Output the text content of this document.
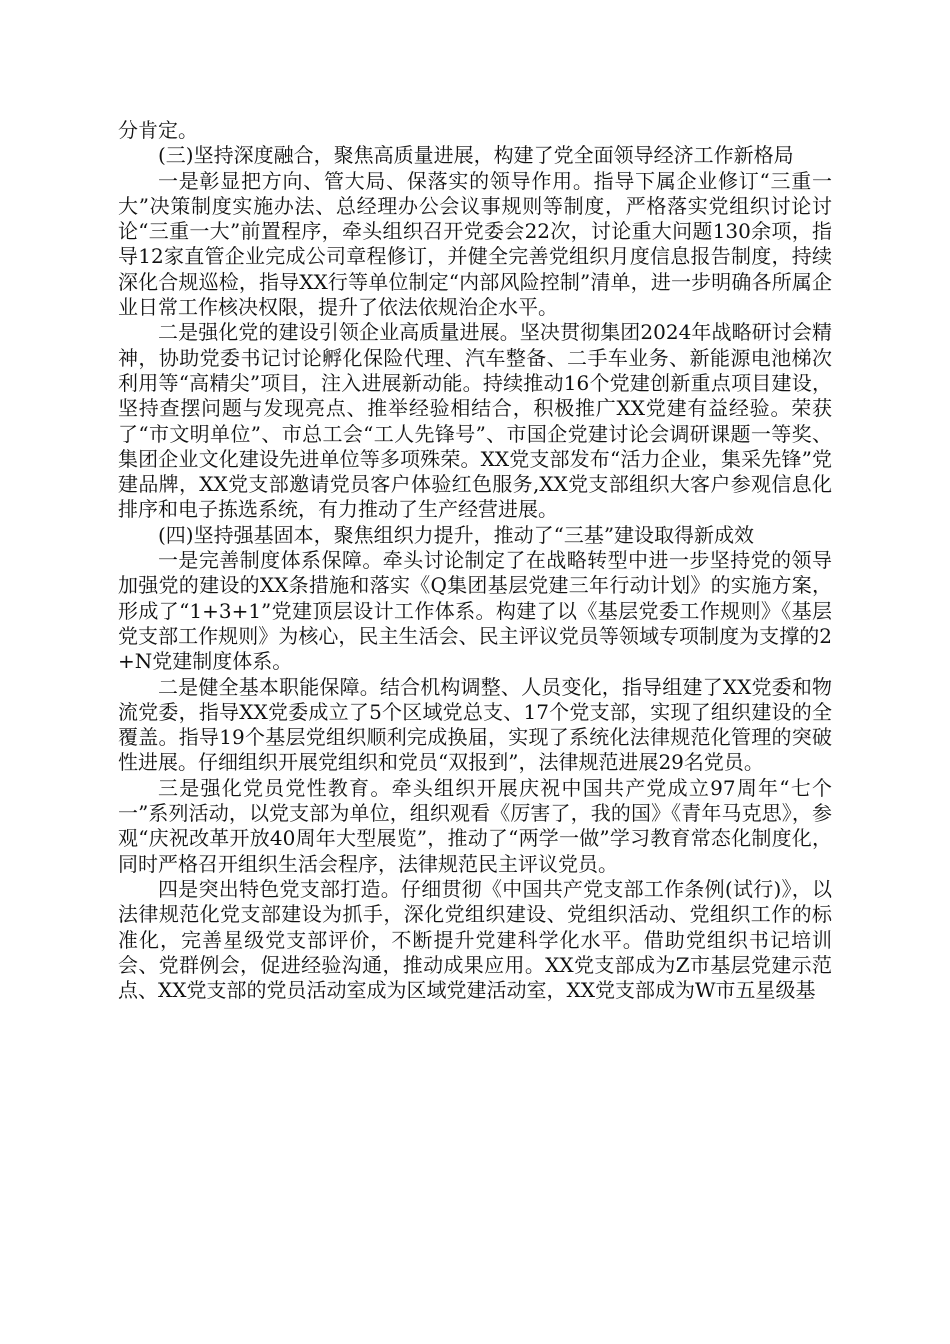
分肯定。

(三)坚持深度融合，聚焦高质量进展，构建了党全面领导经济工作新格局

一是彰显把方向、管大局、保落实的领导作用。指导下属企业修订“三重一大”决策制度实施办法、总经理办公会议事规则等制度，严格落实党组织讨论讨论“三重一大”前置程序，牵头组织召开党委会22次，讨论重大问题130余项，指导12家直管企业完成公司章程修订，并健全完善党组织月度信息报告制度，持续深化合规巡检，指导XX行等单位制定“内部风险控制”清单，进一步明确各所属企业日常工作核决权限，提升了依法依规治企水平。

二是强化党的建设引领企业高质量进展。坚决贯彻集团2024年战略研讨会精神，协助党委书记讨论孵化保险代理、汽车整备、二手车业务、新能源电池梯次利用等“高精尖”项目，注入进展新动能。持续推动16个党建创新重点项目建设，坚持查摆问题与发现亮点、推举经验相结合，积极推广XX党建有益经验。荣获了“市文明单位”、市总工会“工人先锋号”、市国企党建讨论会调研课题一等奖、集团企业文化建设先进单位等多项殊荣。XX党支部发布“活力企业，集采先锋”党建品牌，XX党支部邀请党员客户体验红色服务,XX党支部组织大客户参观信息化排序和电子拣选系统，有力推动了生产经营进展。

(四)坚持强基固本，聚焦组织力提升，推动了“三基”建设取得新成效

一是完善制度体系保障。牵头讨论制定了在战略转型中进一步坚持党的领导加强党的建设的XX条措施和落实《Q集团基层党建三年行动计划》的实施方案，形成了“1+3+1”党建顶层设计工作体系。构建了以《基层党委工作规则》《基层党支部工作规则》为核心，民主生活会、民主评议党员等领域专项制度为支撑的2+N党建制度体系。

二是健全基本职能保障。结合机构调整、人员变化，指导组建了XX党委和物流党委，指导XX党委成立了5个区域党总支、17个党支部，实现了组织建设的全覆盖。指导19个基层党组织顺利完成换届，实现了系统化法律规范化管理的突破性进展。仔细组织开展党组织和党员“双报到”，法律规范进展29名党员。

三是强化党员党性教育。牵头组织开展庆祝中国共产党成立97周年“七个一”系列活动，以党支部为单位，组织观看《厉害了，我的国》《青年马克思》，参观“庆祝改革开放40周年大型展览”，推动了“两学一做”学习教育常态化制度化，同时严格召开组织生活会程序，法律规范民主评议党员。

四是突出特色党支部打造。仔细贯彻《中国共产党支部工作条例(试行)》，以法律规范化党支部建设为抓手，深化党组织建设、党组织活动、党组织工作的标准化，完善星级党支部评价，不断提升党建科学化水平。借助党组织书记培训会、党群例会，促进经验沟通，推动成果应用。XX党支部成为Z市基层党建示范点、XX党支部的党员活动室成为区域党建活动室，XX党支部成为W市五星级基
